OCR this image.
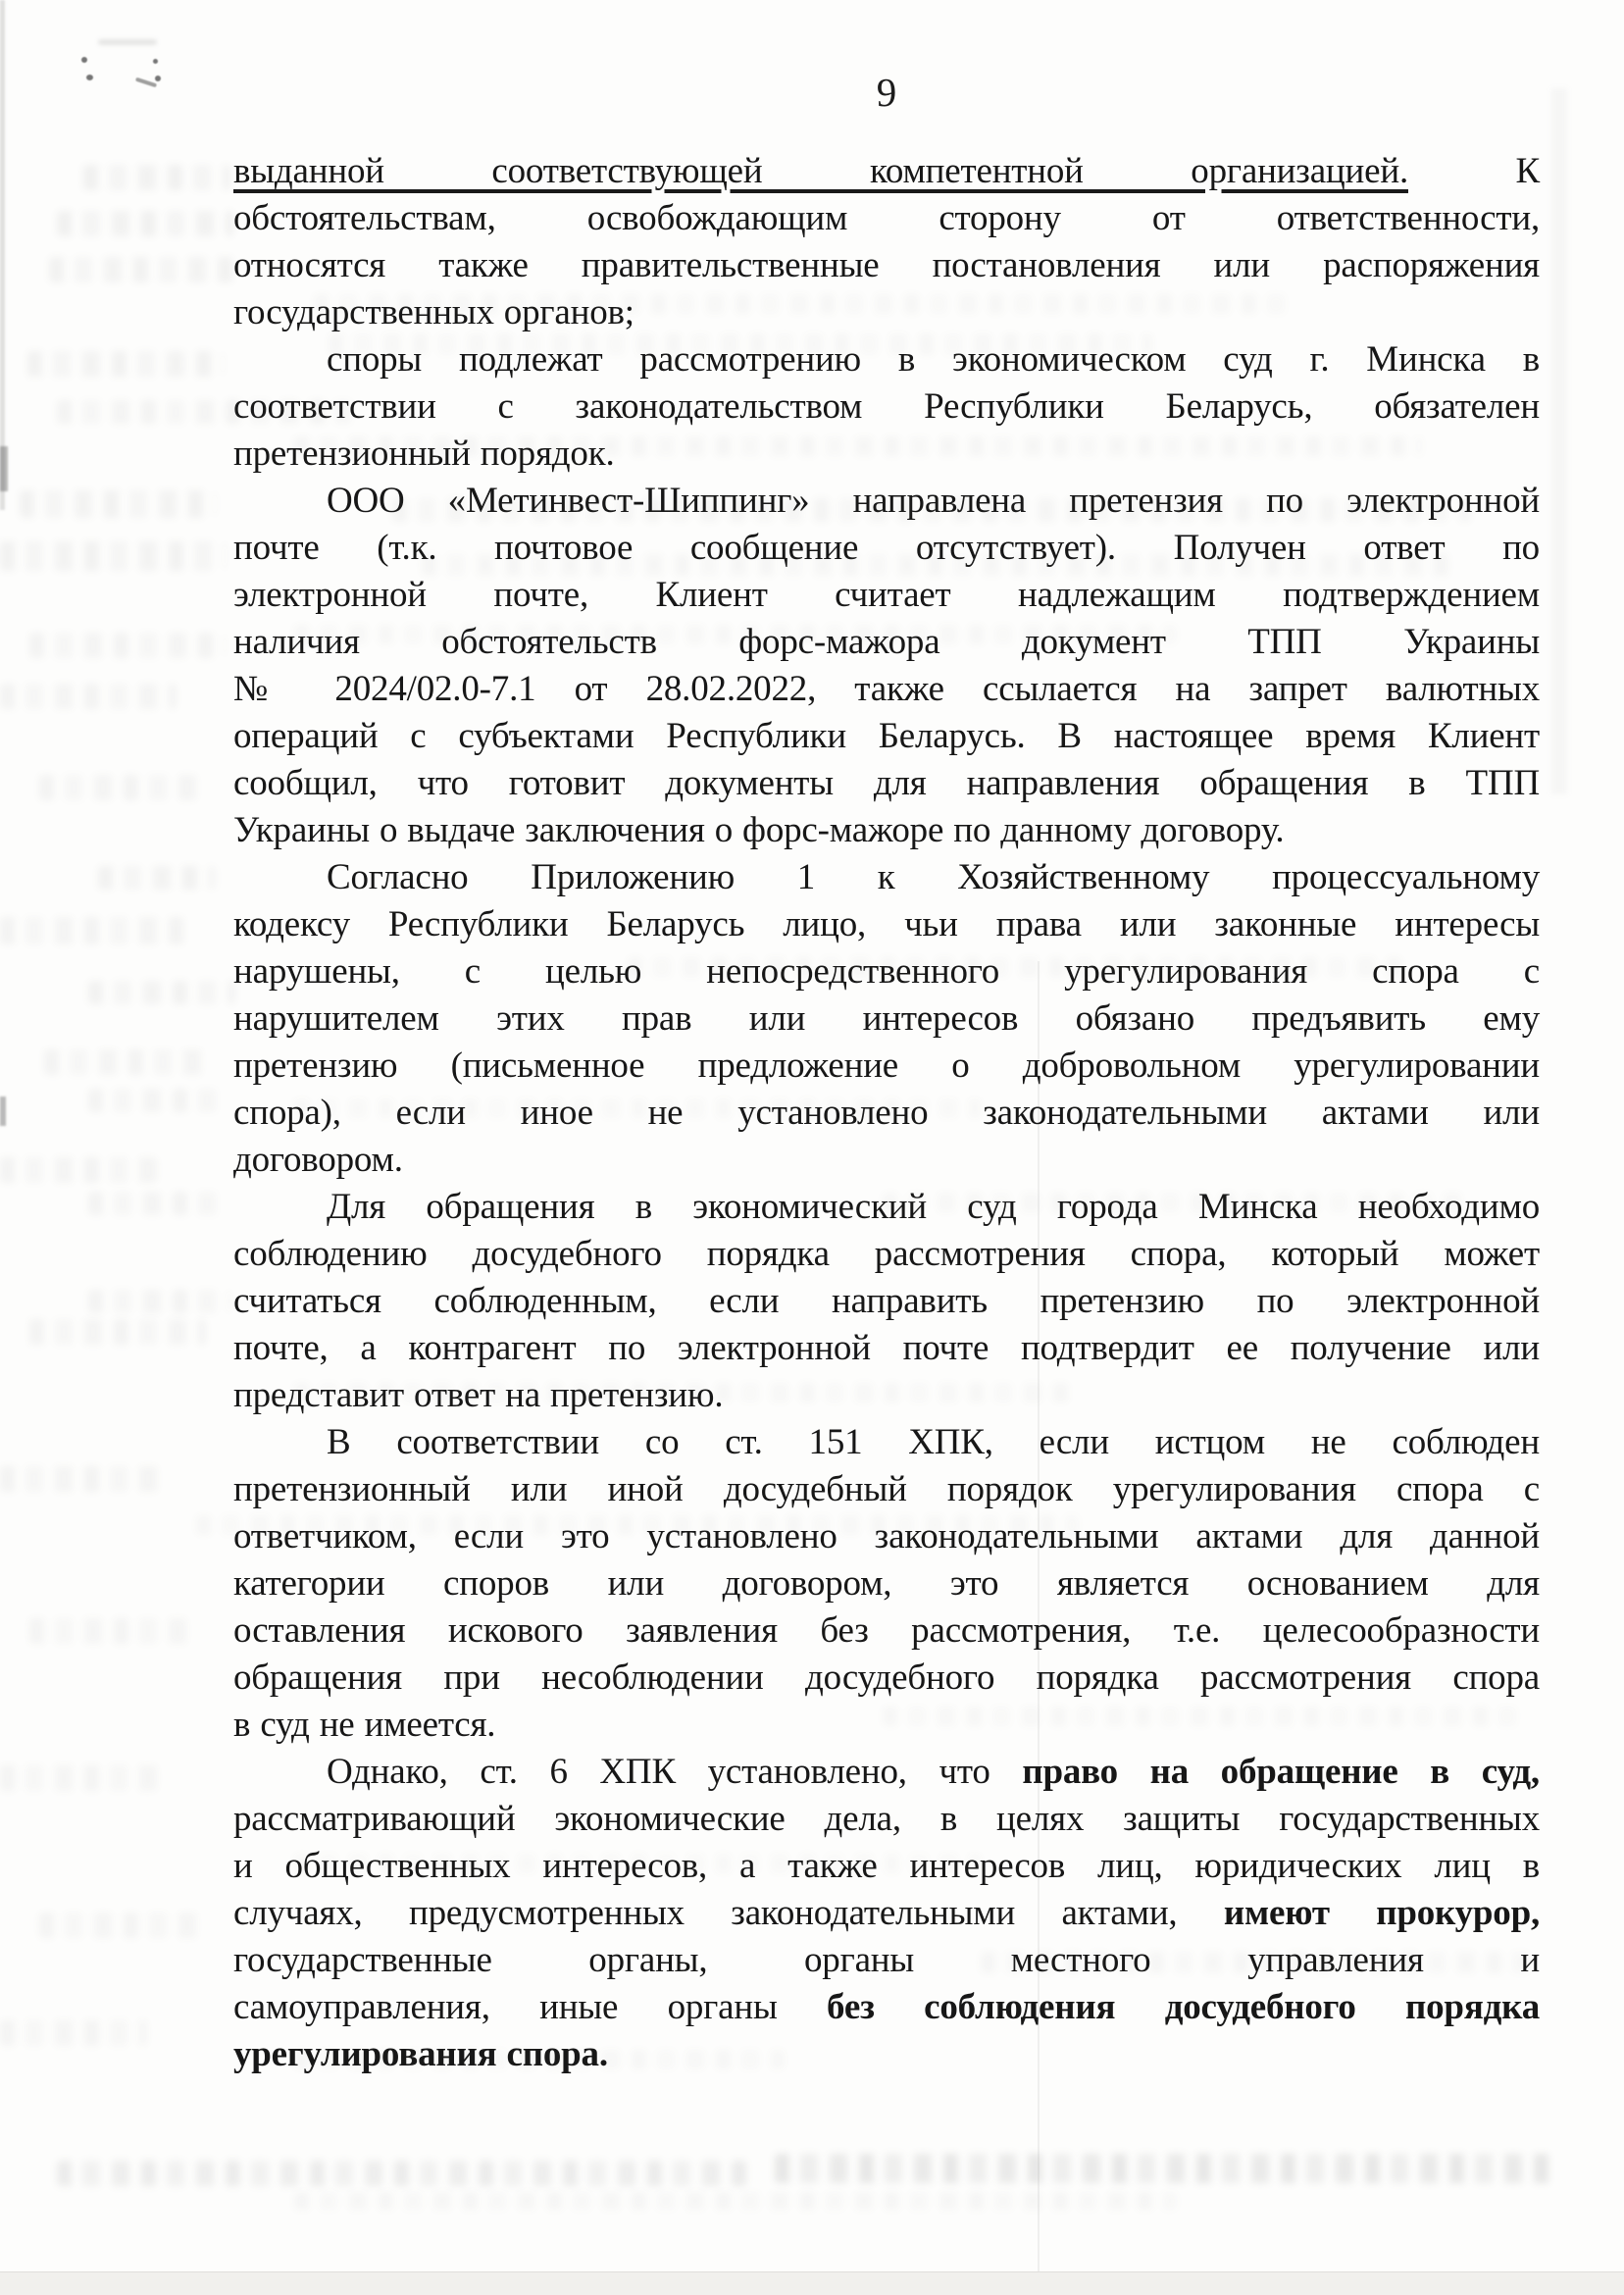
9
выданной соответствующей компетентной организацией. К
обстоятельствам, освобождающим сторону от ответственности,
относятся также правительственные постановления или распоряжения
государственных органов;
споры подлежат рассмотрению в экономическом суд г. Минска в
соответствии с законодательством Республики Беларусь, обязателен
претензионный порядок.
ООО «Метинвест-Шиппинг» направлена претензия по электронной
почте (т.к. почтовое сообщение отсутствует). Получен ответ по
электронной почте, Клиент считает надлежащим подтверждением
наличия обстоятельств форс-мажора документ ТПП Украины
№ 2024/02.0-7.1 от 28.02.2022, также ссылается на запрет валютных
операций с субъектами Республики Беларусь. В настоящее время Клиент
сообщил, что готовит документы для направления обращения в ТПП
Украины о выдаче заключения о форс-мажоре по данному договору.
Согласно Приложению 1 к Хозяйственному процессуальному
кодексу Республики Беларусь лицо, чьи права или законные интересы
нарушены, с целью непосредственного урегулирования спора с
нарушителем этих прав или интересов обязано предъявить ему
претензию (письменное предложение о добровольном урегулировании
спора), если иное не установлено законодательными актами или
договором.
Для обращения в экономический суд города Минска необходимо
соблюдению досудебного порядка рассмотрения спора, который может
считаться соблюденным, если направить претензию по электронной
почте, а контрагент по электронной почте подтвердит ее получение или
представит ответ на претензию.
В соответствии со ст. 151 ХПК, если истцом не соблюден
претензионный или иной досудебный порядок урегулирования спора с
ответчиком, если это установлено законодательными актами для данной
категории споров или договором, это является основанием для
оставления искового заявления без рассмотрения, т.е. целесообразности
обращения при несоблюдении досудебного порядка рассмотрения спора
в суд не имеется.
Однако, ст. 6 ХПК установлено, что право на обращение в суд,
рассматривающий экономические дела, в целях защиты государственных
и общественных интересов, а также интересов лиц, юридических лиц в
случаях, предусмотренных законодательными актами, имеют прокурор,
государственные органы, органы местного управления и
самоуправления, иные органы без соблюдения досудебного порядка
урегулирования спора.
